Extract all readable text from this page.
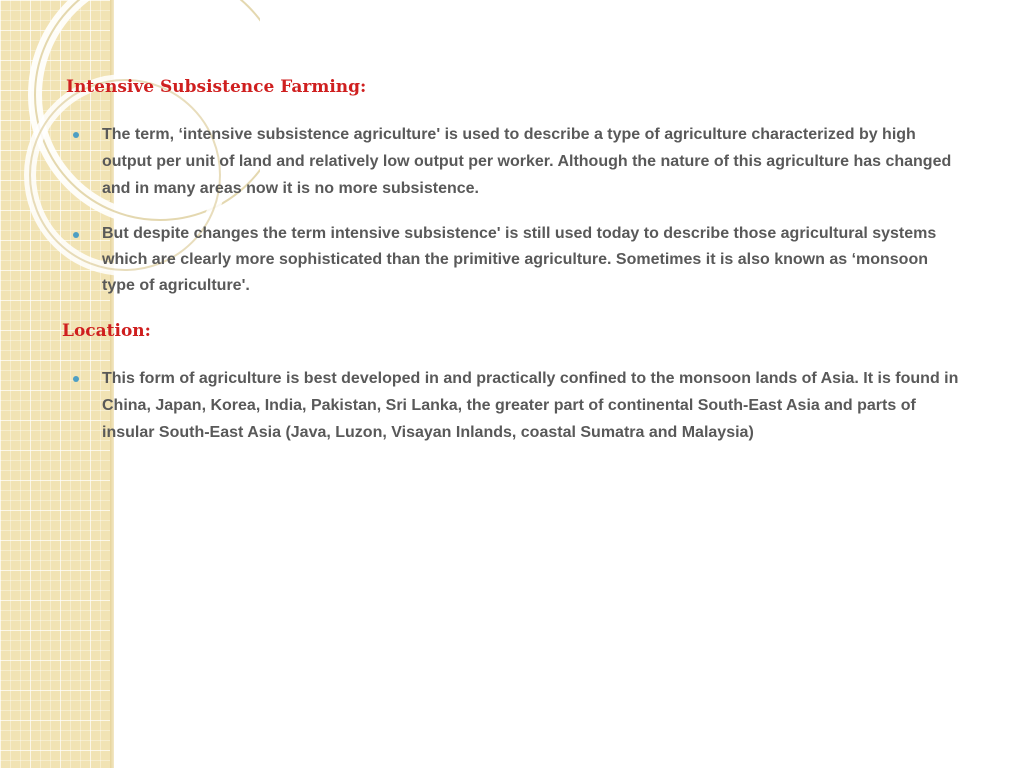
Intensive Subsistence Farming:

The term, ‘intensive subsistence agriculture' is used to describe a type of agriculture characterized by high output per unit of land and relatively low output per worker. Although the nature of this agriculture has changed and in many areas now it is no more subsistence.

But despite changes the term intensive subsistence' is still used today to describe those agricultural systems which are clearly more sophisticated than the primitive agriculture. Sometimes it is also known as ‘monsoon type of agriculture'.

Location:

This form of agriculture is best developed in and practically confined to the monsoon lands of Asia. It is found in China, Japan, Korea, India, Pakistan, Sri Lanka, the greater part of continental South-East Asia and parts of insular South-East Asia (Java, Luzon, Visayan Inlands, coastal Sumatra and Malaysia)
